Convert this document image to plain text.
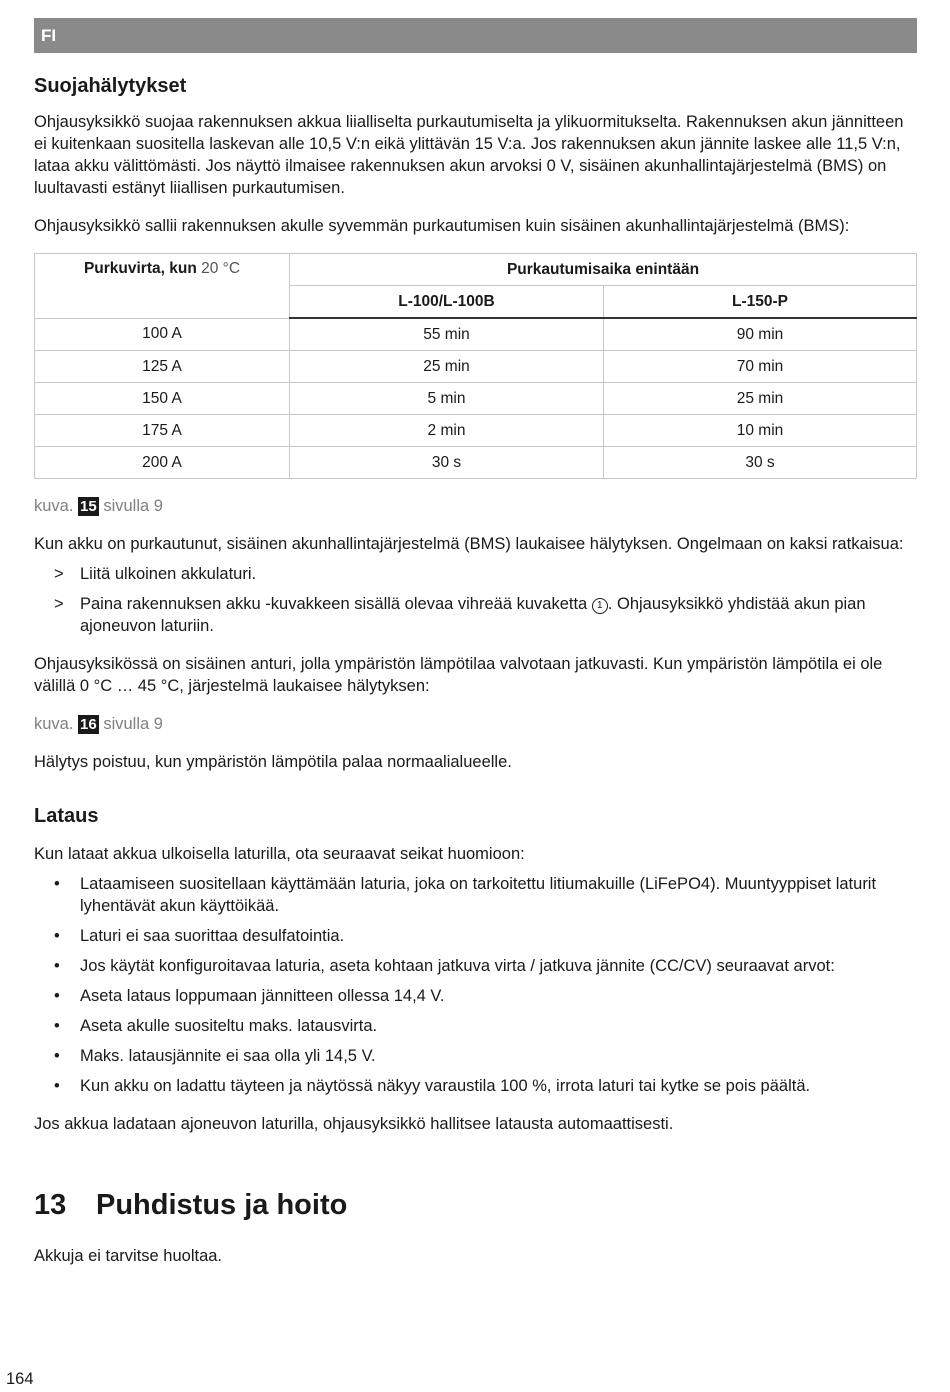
FI
Suojahälytykset

Ohjausyksikkö suojaa rakennuksen akkua liialliselta purkautumiselta ja ylikuormitukselta. Rakennuksen akun jännitteen ei kuitenkaan suositella laskevan alle 10,5 V:n eikä ylittävän 15 V:a. Jos rakennuksen akun jännite laskee alle 11,5 V:n, lataa akku välittömästi. Jos näyttö ilmaisee rakennuksen akun arvoksi 0 V, sisäinen akunhallintajärjestelmä (BMS) on luultavasti estänyt liiallisen purkautumisen.

Ohjausyksikkö sallii rakennuksen akulle syvemmän purkautumisen kuin sisäinen akunhallintajärjestelmä (BMS):

Purkuvirta, kun 20 °C	Purkautumisaika enintään	
	L-100/L-100B	L-150-P
100 A	55 min	90 min
125 A	25 min	70 min
150 A	5 min	25 min
175 A	2 min	10 min
200 A	30 s	30 s

kuva. 15 sivulla 9

Kun akku on purkautunut, sisäinen akunhallintajärjestelmä (BMS) laukaisee hälytyksen. Ongelmaan on kaksi ratkaisua:

> Liitä ulkoinen akkulaturi.
> Paina rakennuksen akku -kuvakkeen sisällä olevaa vihreää kuvaketta 1 . Ohjausyksikkö yhdistää akun pian ajoneuvon laturiin.

Ohjausyksikössä on sisäinen anturi, jolla ympäristön lämpötilaa valvotaan jatkuvasti. Kun ympäristön lämpötila ei ole välillä 0 °C … 45 °C, järjestelmä laukaisee hälytyksen:

kuva. 16 sivulla 9

Hälytys poistuu, kun ympäristön lämpötila palaa normaalialueelle.

Lataus

Kun lataat akkua ulkoisella laturilla, ota seuraavat seikat huomioon:

• Lataamiseen suositellaan käyttämään laturia, joka on tarkoitettu litiumakuille (LiFePO4). Muuntyyppiset laturit lyhentävät akun käyttöikää.
• Laturi ei saa suorittaa desulfatointia.
• Jos käytät konfiguroitavaa laturia, aseta kohtaan jatkuva virta / jatkuva jännite (CC/CV) seuraavat arvot:
• Aseta lataus loppumaan jännitteen ollessa 14,4 V.
• Aseta akulle suositeltu maks. latausvirta.
• Maks. latausjännite ei saa olla yli 14,5 V.
• Kun akku on ladattu täyteen ja näytössä näkyy varaustila 100 %, irrota laturi tai kytke se pois päältä.

Jos akkua ladataan ajoneuvon laturilla, ohjausyksikkö hallitsee latausta automaattisesti.

13 Puhdistus ja hoito

Akkuja ei tarvitse huoltaa.

164
